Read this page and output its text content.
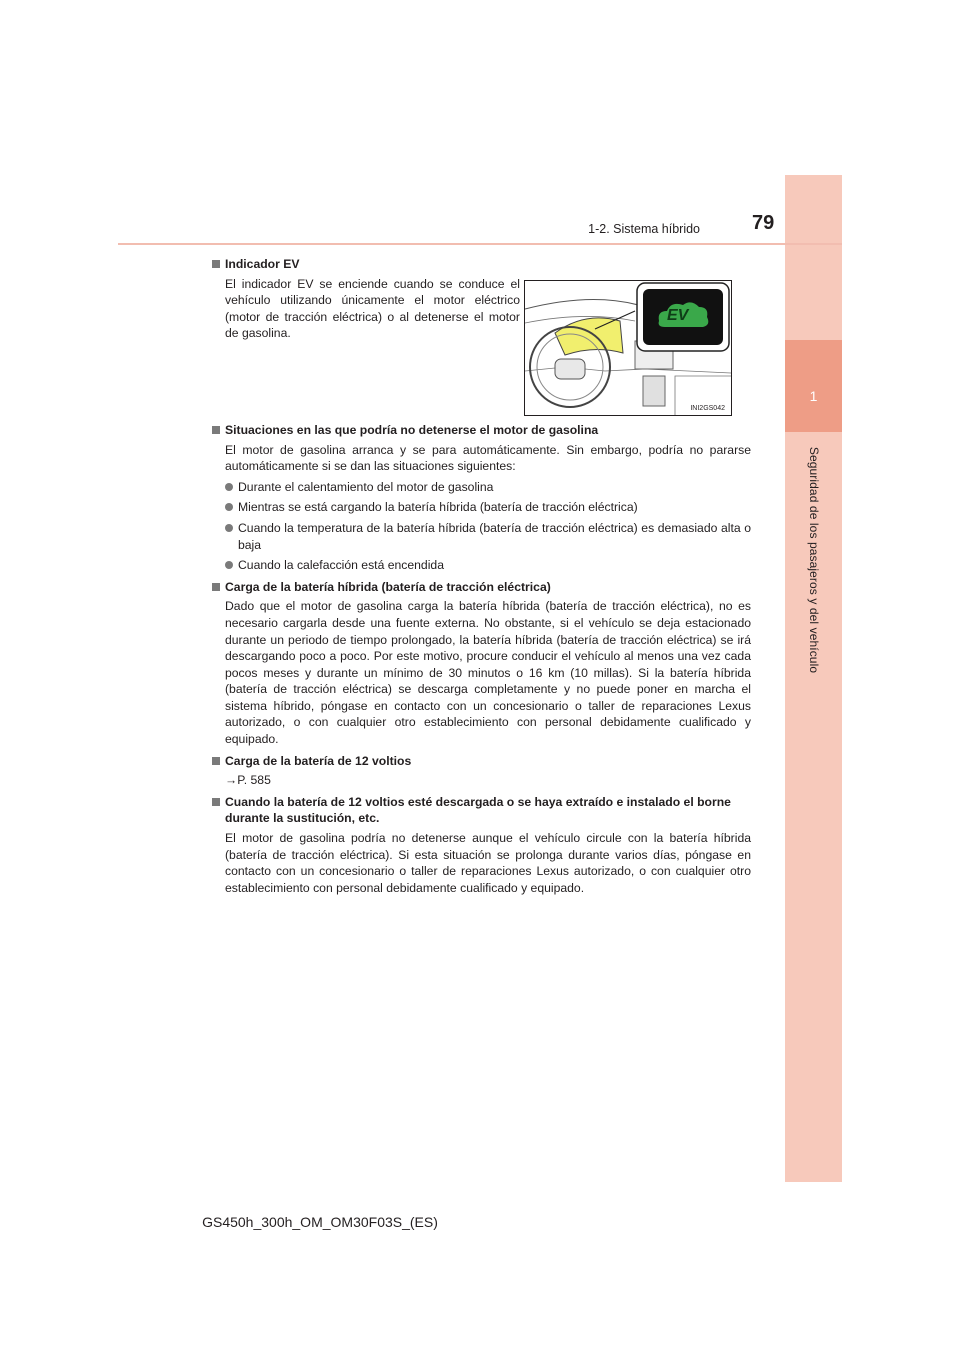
1
Seguridad de los pasajeros y del vehículo
1-2. Sistema híbrido	79
Indicador EV
El indicador EV se enciende cuando se conduce el vehículo utilizando únicamente el motor eléctrico (motor de tracción eléctrica) o al detenerse el motor de gasolina.
Situaciones en las que podría no detenerse el motor de gasolina
El motor de gasolina arranca y se para automáticamente. Sin embargo, podría no pararse automáticamente si se dan las situaciones siguientes:
Durante el calentamiento del motor de gasolina
Mientras se está cargando la batería híbrida (batería de tracción eléctrica)
Cuando la temperatura de la batería híbrida (batería de tracción eléctrica) es demasiado alta o baja
Cuando la calefacción está encendida
Carga de la batería híbrida (batería de tracción eléctrica)
Dado que el motor de gasolina carga la batería híbrida (batería de tracción eléctrica), no es necesario cargarla desde una fuente externa. No obstante, si el vehículo se deja estacionado durante un periodo de tiempo prolongado, la batería híbrida (batería de tracción eléctrica) se irá descargando poco a poco. Por este motivo, procure conducir el vehículo al menos una vez cada pocos meses y durante un mínimo de 30 minutos o 16 km (10 millas). Si la batería híbrida (batería de tracción eléctrica) se descarga completamente y no puede poner en marcha el sistema híbrido, póngase en contacto con un concesionario o taller de reparaciones Lexus autorizado, o con cualquier otro establecimiento con personal debidamente cualificado y equipado.
Carga de la batería de 12 voltios
→P. 585
Cuando la batería de 12 voltios esté descargada o se haya extraído e instalado el borne durante la sustitución, etc.
El motor de gasolina podría no detenerse aunque el vehículo circule con la batería híbrida (batería de tracción eléctrica). Si esta situación se prolonga durante varios días, póngase en contacto con un concesionario o taller de reparaciones Lexus autorizado, o con cualquier otro establecimiento con personal debidamente cualificado y equipado.
EV
INI2GS042
GS450h_300h_OM_OM30F03S_(ES)
